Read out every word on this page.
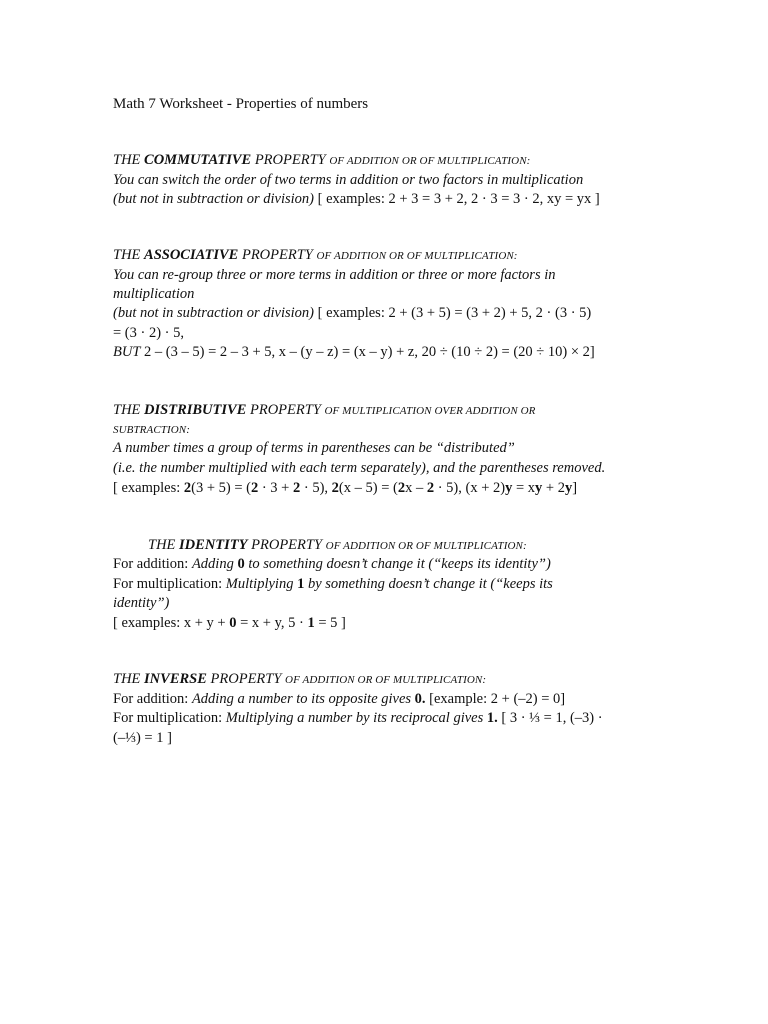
Math 7 Worksheet - Properties of numbers
THE COMMUTATIVE PROPERTY OF ADDITION OR OF MULTIPLICATION:
You can switch the order of two terms in addition or two factors in multiplication
(but not in subtraction or division) [ examples: 2 + 3 = 3 + 2, 2 · 3 = 3 · 2, xy = yx ]
THE ASSOCIATIVE PROPERTY OF ADDITION OR OF MULTIPLICATION:
You can re-group three or more terms in addition or three or more factors in
multiplication
(but not in subtraction or division) [ examples: 2 + (3 + 5) = (3 + 2) + 5, 2 · (3 · 5)
= (3 · 2) · 5,
BUT 2 – (3 – 5) = 2 – 3 + 5, x – (y – z) = (x – y) + z, 20 ÷ (10 ÷ 2) = (20 ÷ 10) × 2]
THE DISTRIBUTIVE PROPERTY OF MULTIPLICATION OVER ADDITION OR
SUBTRACTION:
A number times a group of terms in parentheses can be “distributed”
(i.e. the number multiplied with each term separately), and the parentheses removed.
[ examples: 2(3 + 5) = (2 · 3 + 2 · 5), 2(x – 5) = (2x – 2 · 5), (x + 2)y = xy + 2y]
THE IDENTITY PROPERTY OF ADDITION OR OF MULTIPLICATION:
For addition: Adding 0 to something doesn’t change it (“keeps its identity”)
For multiplication: Multiplying 1 by something doesn’t change it (“keeps its
identity”)
[ examples: x + y + 0 = x + y, 5 · 1 = 5 ]
THE INVERSE PROPERTY OF ADDITION OR OF MULTIPLICATION:
For addition: Adding a number to its opposite gives 0. [example: 2 + (–2) = 0]
For multiplication: Multiplying a number by its reciprocal gives 1. [ 3 · ⅓ = 1, (–3) ·
(–⅓) = 1 ]
